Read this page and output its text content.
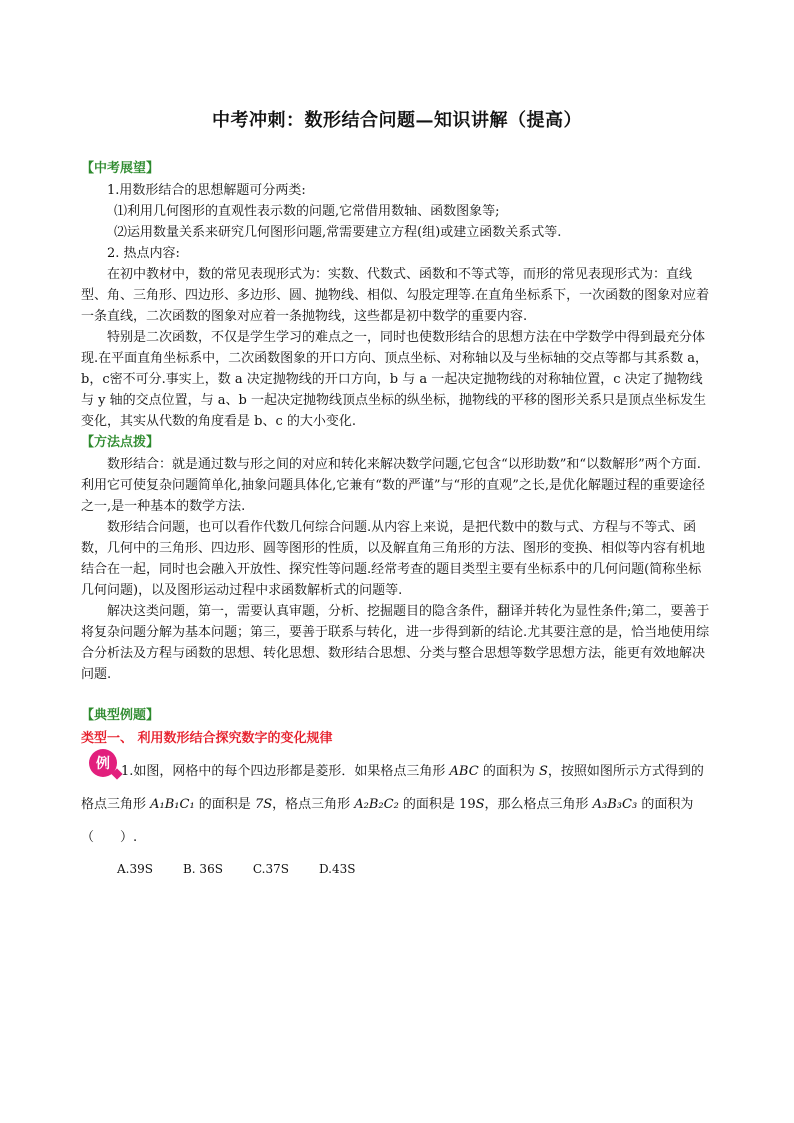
中考冲刺：数形结合问题—知识讲解（提高）
【中考展望】

1.用数形结合的思想解题可分两类:

⑴利用几何图形的直观性表示数的问题,它常借用数轴、函数图象等;

⑵运用数量关系来研究几何图形问题,常需要建立方程(组)或建立函数关系式等.

2. 热点内容:

在初中教材中，数的常见表现形式为：实数、代数式、函数和不等式等，而形的常见表现形式为：直线型、角、三角形、四边形、多边形、圆、抛物线、相似、勾股定理等.在直角坐标系下，一次函数的图象对应着一条直线，二次函数的图象对应着一条抛物线，这些都是初中数学的重要内容.

特别是二次函数，不仅是学生学习的难点之一，同时也使数形结合的思想方法在中学数学中得到最充分体现.在平面直角坐标系中，二次函数图象的开口方向、顶点坐标、对称轴以及与坐标轴的交点等都与其系数 a，b，c密不可分.事实上，数 a 决定抛物线的开口方向，b 与 a 一起决定抛物线的对称轴位置，c 决定了抛物线与 y 轴的交点位置，与 a、b 一起决定抛物线顶点坐标的纵坐标，抛物线的平移的图形关系只是顶点坐标发生变化，其实从代数的角度看是 b、c 的大小变化.

【方法点拨】

数形结合：就是通过数与形之间的对应和转化来解决数学问题,它包含“以形助数”和“以数解形”两个方面.利用它可使复杂问题简单化,抽象问题具体化,它兼有“数的严谨”与“形的直观”之长,是优化解题过程的重要途径之一,是一种基本的数学方法.

数形结合问题，也可以看作代数几何综合问题.从内容上来说，是把代数中的数与式、方程与不等式、函数，几何中的三角形、四边形、圆等图形的性质，以及解直角三角形的方法、图形的变换、相似等内容有机地结合在一起，同时也会融入开放性、探究性等问题.经常考查的题目类型主要有坐标系中的几何问题(简称坐标几何问题)，以及图形运动过程中求函数解析式的问题等.

解决这类问题，第一，需要认真审题，分析、挖掘题目的隐含条件，翻译并转化为显性条件;第二，要善于将复杂问题分解为基本问题；第三，要善于联系与转化，进一步得到新的结论.尤其要注意的是，恰当地使用综合分析法及方程与函数的思想、转化思想、数形结合思想、分类与整合思想等数学思想方法，能更有效地解决问题.

【典型例题】
类型一、 利用数形结合探究数字的变化规律
例 1.如图，网格中的每个四边形都是菱形．如果格点三角形 ABC 的面积为 S，按照如图所示方式得到的格点三角形 A₁B₁C₁ 的面积是 7S，格点三角形 A₂B₂C₂ 的面积是 19S，那么格点三角形 A₃B₃C₃ 的面积为
（　　）.

A.39S	B. 36S	C.37S	D.43S
